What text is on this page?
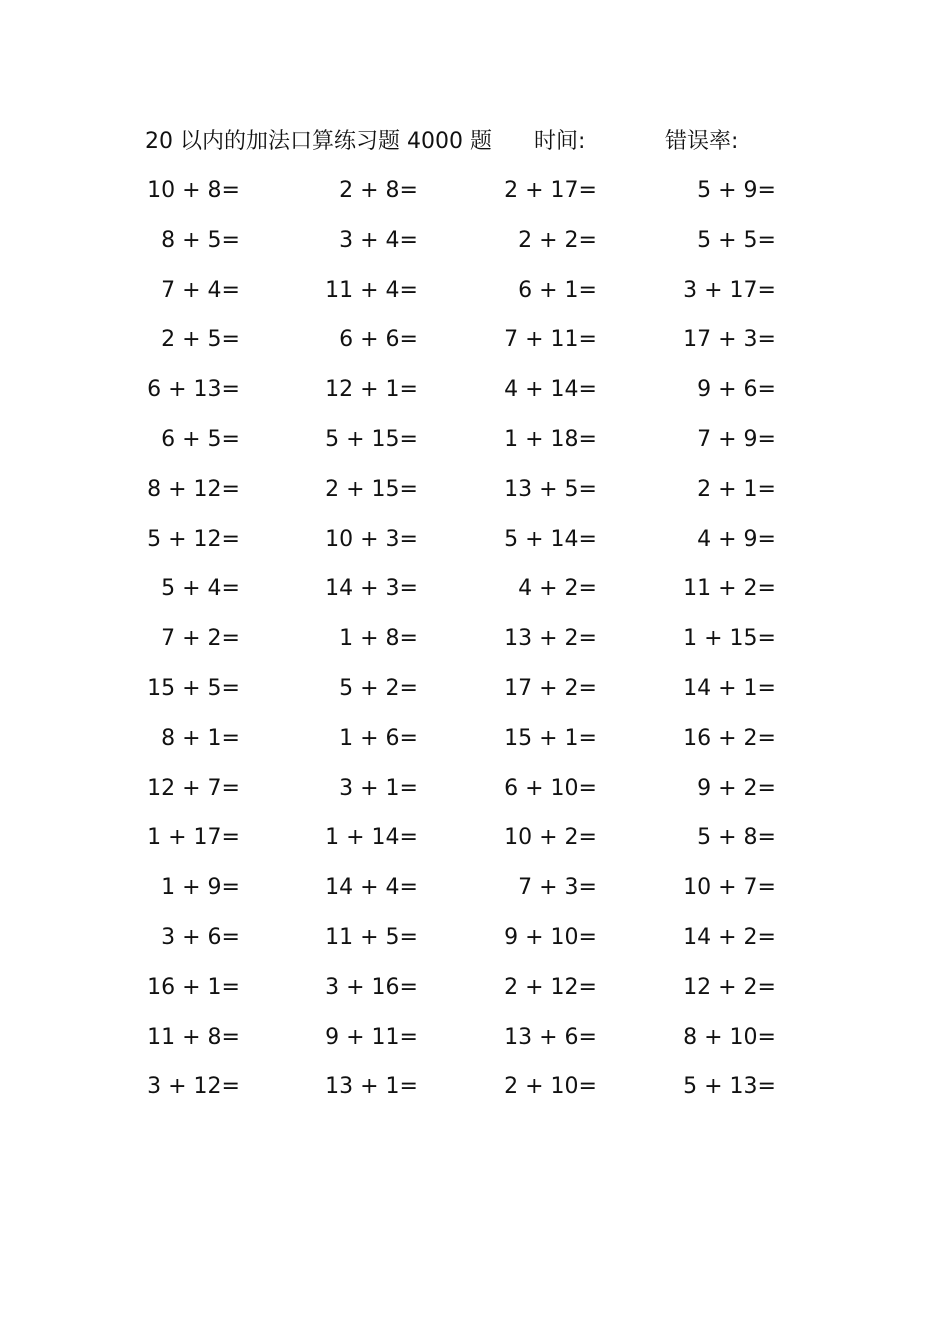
20 以内的加法口算练习题 4000 题 时间:	错误率:
10 + 8=	2 + 8=	2 + 17=	5 + 9=
8 + 5=	3 + 4=	2 + 2=	5 + 5=
7 + 4=	11 + 4=	6 + 1=	3 + 17=
2 + 5=	6 + 6=	7 + 11=	17 + 3=
6 + 13=	12 + 1=	4 + 14=	9 + 6=
6 + 5=	5 + 15=	1 + 18=	7 + 9=
8 + 12=	2 + 15=	13 + 5=	2 + 1=
5 + 12=	10 + 3=	5 + 14=	4 + 9=
5 + 4=	14 + 3=	4 + 2=	11 + 2=
7 + 2=	1 + 8=	13 + 2=	1 + 15=
15 + 5=	5 + 2=	17 + 2=	14 + 1=
8 + 1=	1 + 6=	15 + 1=	16 + 2=
12 + 7=	3 + 1=	6 + 10=	9 + 2=
1 + 17=	1 + 14=	10 + 2=	5 + 8=
1 + 9=	14 + 4=	7 + 3=	10 + 7=
3 + 6=	11 + 5=	9 + 10=	14 + 2=
16 + 1=	3 + 16=	2 + 12=	12 + 2=
11 + 8=	9 + 11=	13 + 6=	8 + 10=
3 + 12=	13 + 1=	2 + 10=	5 + 13=
